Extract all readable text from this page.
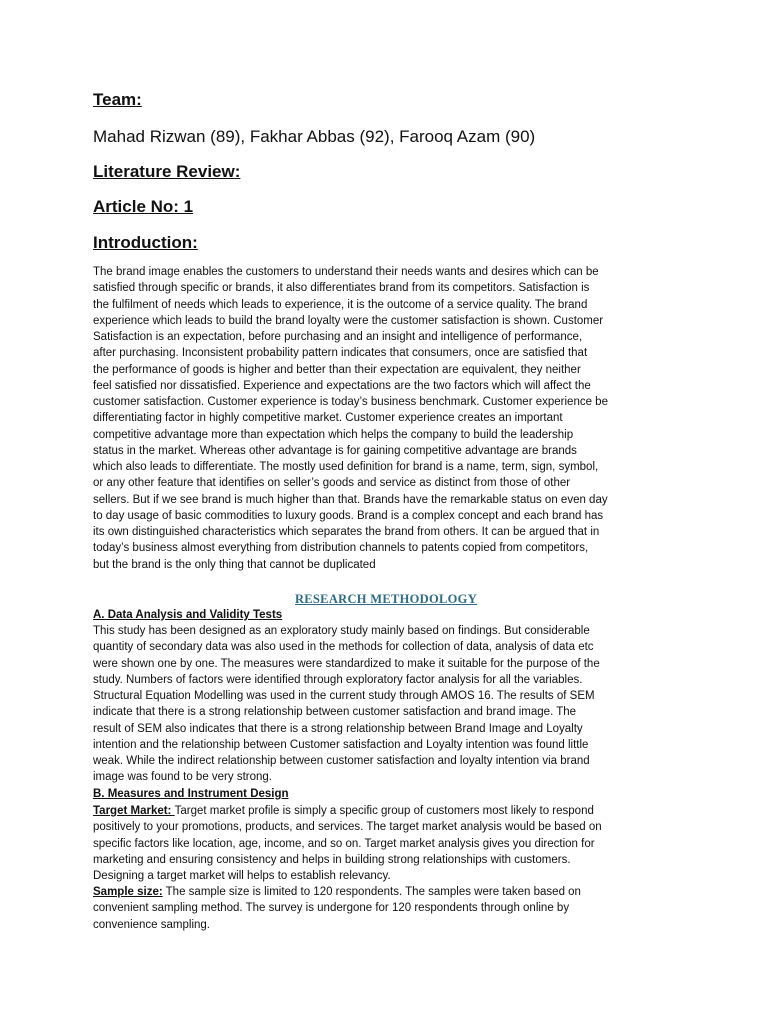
Team:
Mahad Rizwan (89), Fakhar Abbas (92), Farooq Azam (90)
Literature Review:
Article No: 1
Introduction:
The brand image enables the customers to understand their needs wants and desires which can be
satisfied through specific or brands, it also differentiates brand from its competitors. Satisfaction is
the fulfilment of needs which leads to experience, it is the outcome of a service quality. The brand
experience which leads to build the brand loyalty were the customer satisfaction is shown. Customer
Satisfaction is an expectation, before purchasing and an insight and intelligence of performance,
after purchasing. Inconsistent probability pattern indicates that consumers, once are satisfied that
the performance of goods is higher and better than their expectation are equivalent, they neither
feel satisfied nor dissatisfied. Experience and expectations are the two factors which will affect the
customer satisfaction. Customer experience is today’s business benchmark. Customer experience be
differentiating factor in highly competitive market. Customer experience creates an important
competitive advantage more than expectation which helps the company to build the leadership
status in the market. Whereas other advantage is for gaining competitive advantage are brands
which also leads to differentiate. The mostly used definition for brand is a name, term, sign, symbol,
or any other feature that identifies on seller’s goods and service as distinct from those of other
sellers. But if we see brand is much higher than that. Brands have the remarkable status on even day
to day usage of basic commodities to luxury goods. Brand is a complex concept and each brand has
its own distinguished characteristics which separates the brand from others. It can be argued that in
today’s business almost everything from distribution channels to patents copied from competitors,
but the brand is the only thing that cannot be duplicated
RESEARCH METHODOLOGY
A. Data Analysis and Validity Tests
This study has been designed as an exploratory study mainly based on findings. But considerable
quantity of secondary data was also used in the methods for collection of data, analysis of data etc
were shown one by one. The measures were standardized to make it suitable for the purpose of the
study. Numbers of factors were identified through exploratory factor analysis for all the variables.
Structural Equation Modelling was used in the current study through AMOS 16. The results of SEM
indicate that there is a strong relationship between customer satisfaction and brand image. The
result of SEM also indicates that there is a strong relationship between Brand Image and Loyalty
intention and the relationship between Customer satisfaction and Loyalty intention was found little
weak. While the indirect relationship between customer satisfaction and loyalty intention via brand
image was found to be very strong.
B. Measures and Instrument Design
Target Market: Target market profile is simply a specific group of customers most likely to respond
positively to your promotions, products, and services. The target market analysis would be based on
specific factors like location, age, income, and so on. Target market analysis gives you direction for
marketing and ensuring consistency and helps in building strong relationships with customers.
Designing a target market will helps to establish relevancy.
Sample size: The sample size is limited to 120 respondents. The samples were taken based on
convenient sampling method. The survey is undergone for 120 respondents through online by
convenience sampling.
